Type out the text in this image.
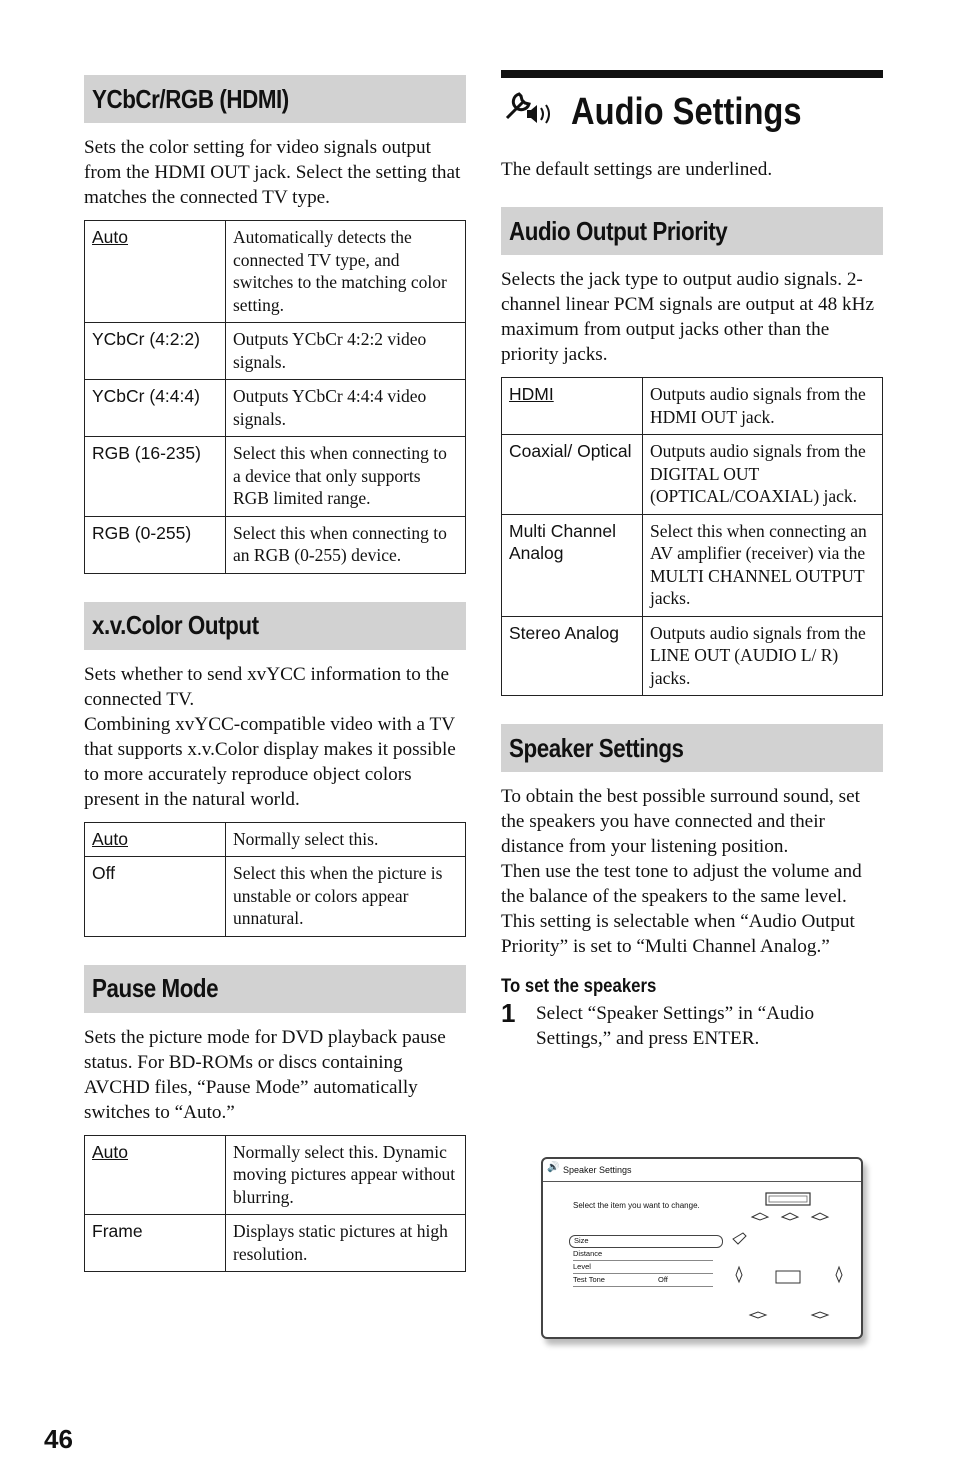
YCbCr/RGB (HDMI)

Sets the color setting for video signals output from the HDMI OUT jack. Select the setting that matches the connected TV type.

Auto	Automatically detects the connected TV type, and switches to the matching color setting.
YCbCr (4:2:2)	Outputs YCbCr 4:2:2 video signals.
YCbCr (4:4:4)	Outputs YCbCr 4:4:4 video signals.
RGB (16-235)	Select this when connecting to a device that only supports RGB limited range.
RGB (0-255)	Select this when connecting to an RGB (0-255) device.
x.v.Color Output

Sets whether to send xvYCC information to the connected TV.

Combining xvYCC-compatible video with a TV that supports x.v.Color display makes it possible to more accurately reproduce object colors present in the natural world.

Auto	Normally select this.
Off	Select this when the picture is unstable or colors appear unnatural.
Pause Mode

Sets the picture mode for DVD playback pause status. For BD-ROMs or discs containing AVCHD files, “Pause Mode” automatically switches to “Auto.”

Auto	Normally select this. Dynamic moving pictures appear without blurring.
Frame	Displays static pictures at high resolution.
Audio Settings

The default settings are underlined.

Audio Output Priority

Selects the jack type to output audio signals. 2-channel linear PCM signals are output at 48 kHz maximum from output jacks other than the priority jacks.

HDMI	Outputs audio signals from the HDMI OUT jack.
Coaxial/ Optical	Outputs audio signals from the DIGITAL OUT (OPTICAL/COAXIAL) jack.
Multi Channel Analog	Select this when connecting an AV amplifier (receiver) via the MULTI CHANNEL OUTPUT jacks.
Stereo Analog	Outputs audio signals from the LINE OUT (AUDIO L/ R) jacks.
Speaker Settings

To obtain the best possible surround sound, set the speakers you have connected and their distance from your listening position.

Then use the test tone to adjust the volume and the balance of the speakers to the same level.

This setting is selectable when “Audio Output Priority” is set to “Multi Channel Analog.”

To set the speakers
1	Select “Speaker Settings” in “Audio Settings,” and press ENTER.

🔊 Speaker Settings
Select the item you want to change.
Size
Distance
Level
Test Tone	Off
46
